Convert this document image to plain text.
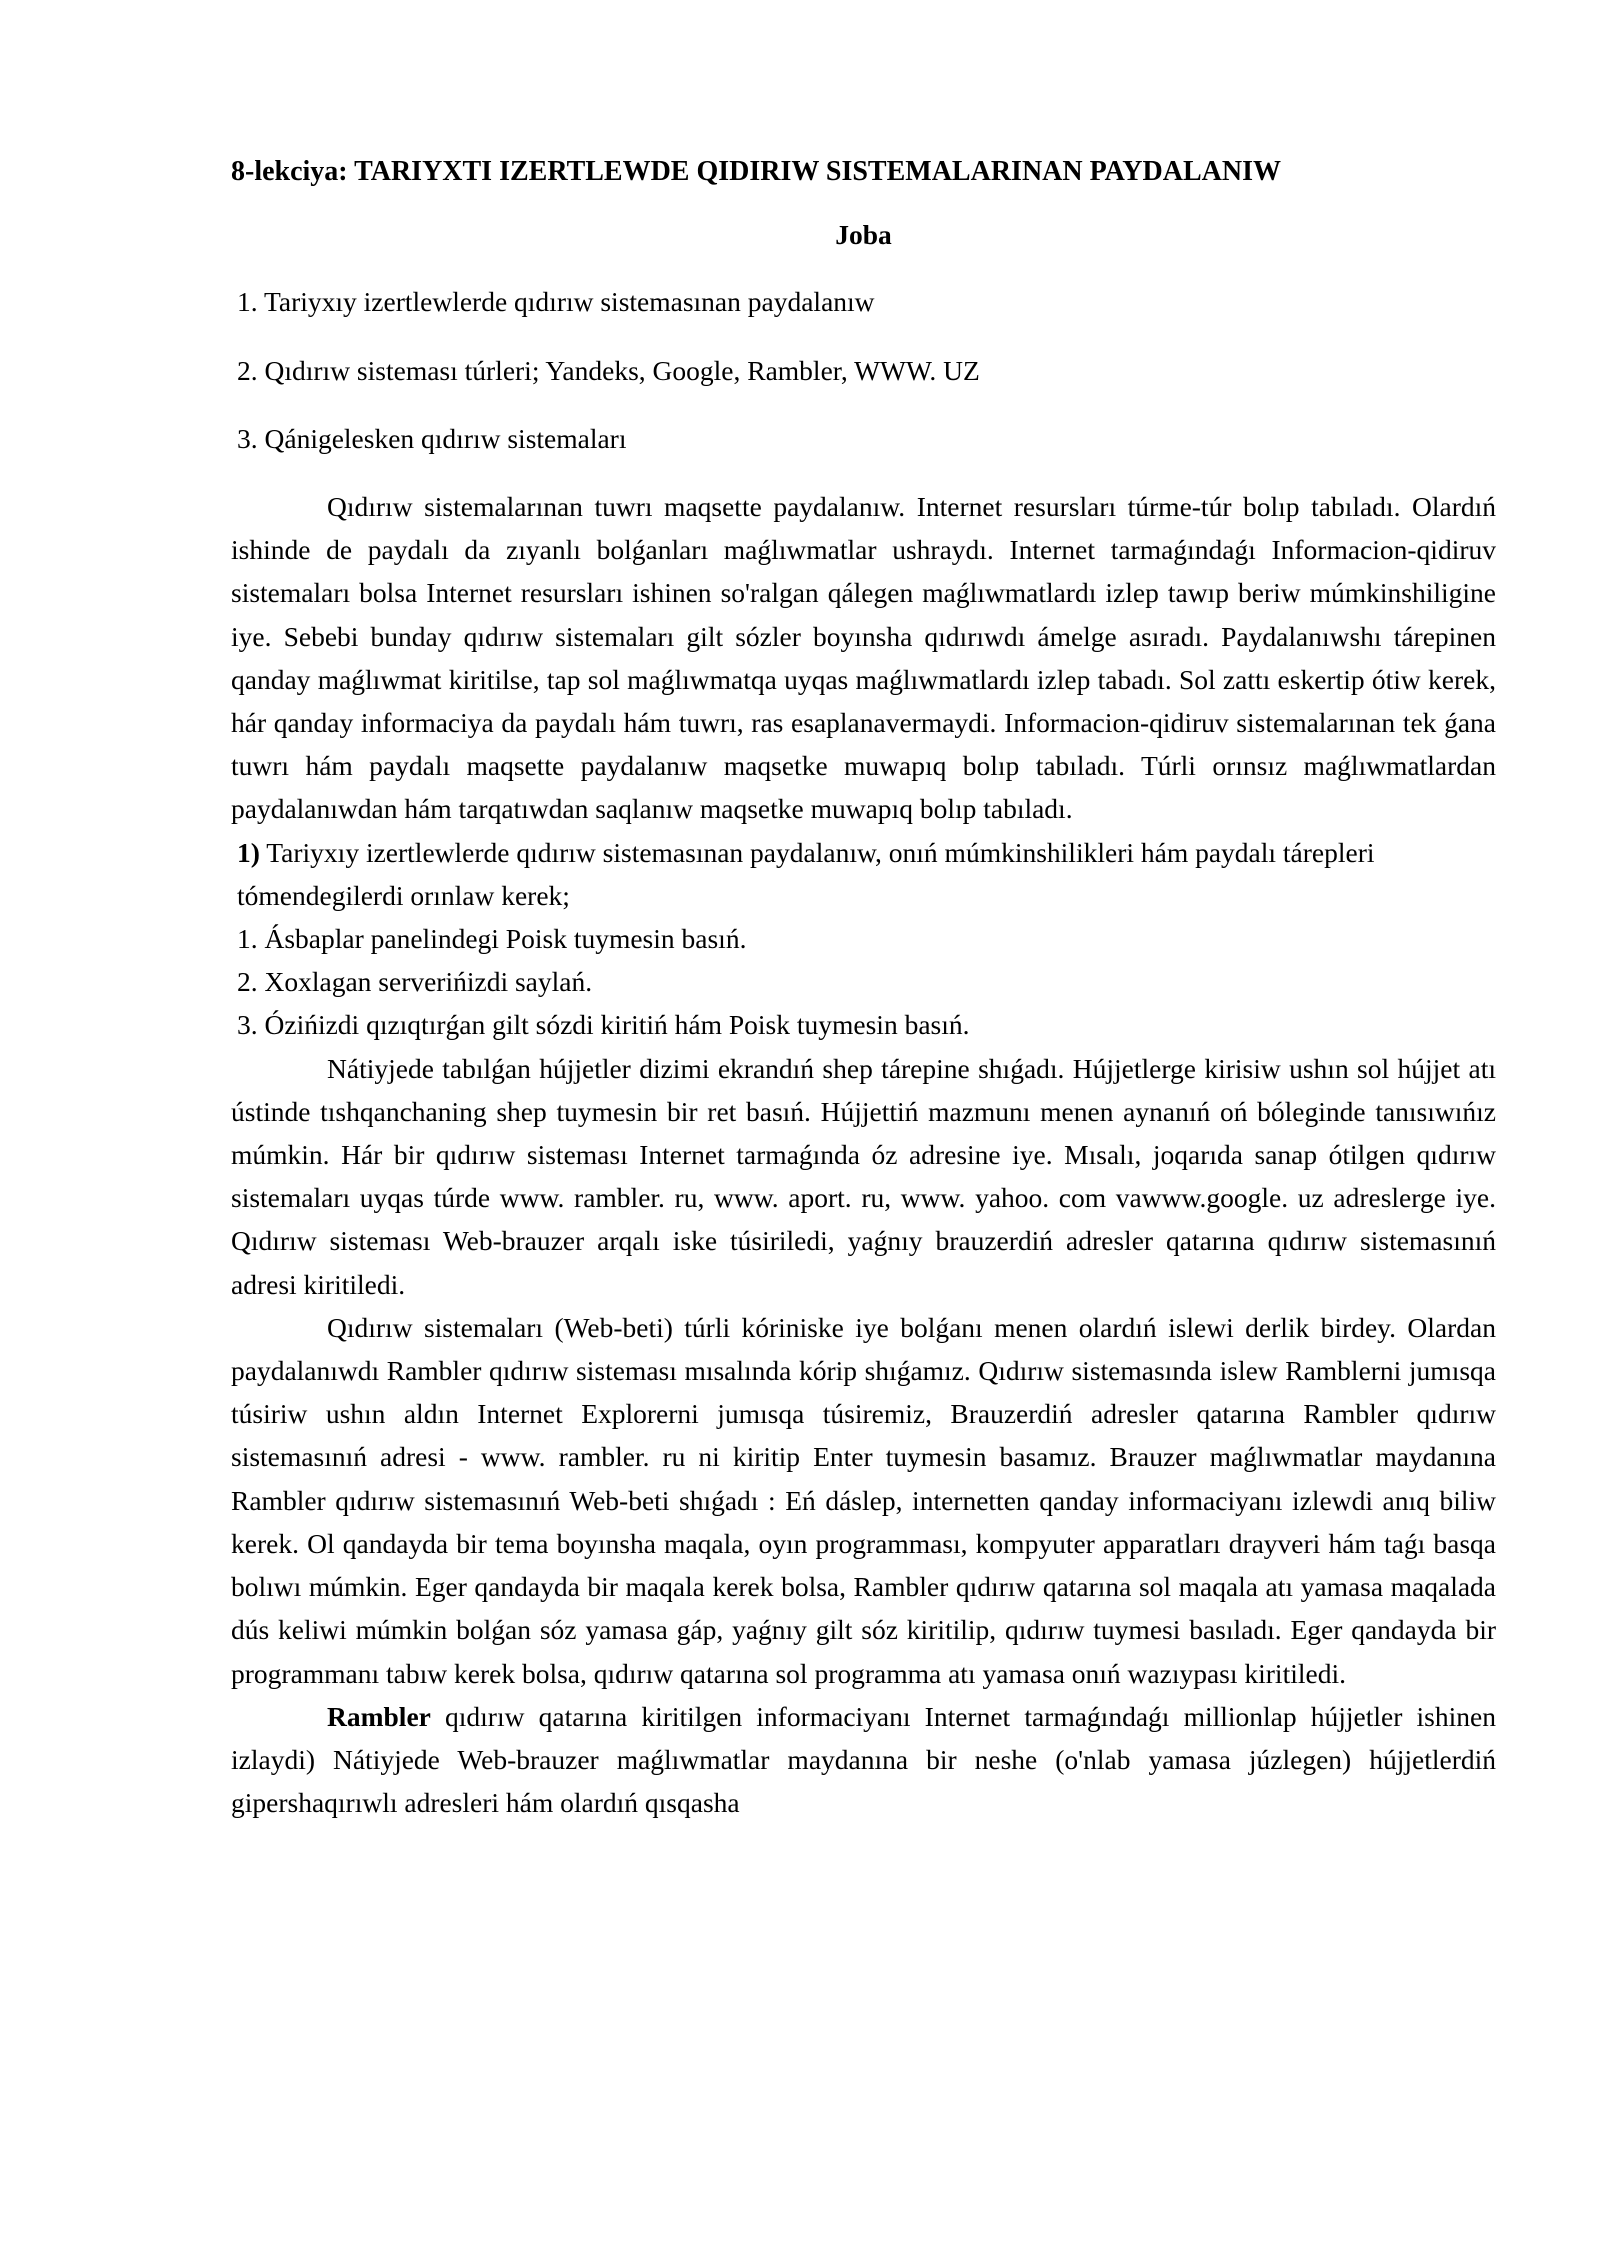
8-lekciya: TARIYXTI IZERTLEWDE QIDIRIW SISTEMALARINAN PAYDALANIW

Joba

1. Tariyxıy izertlewlerde qıdırıw sistemasınan paydalanıw

2. Qıdırıw sisteması túrleri; Yandeks, Google, Rambler, WWW. UZ

3. Qánigelesken qıdırıw sistemaları

Qıdırıw sistemalarınan tuwrı maqsette paydalanıw. Internet resursları túrme-túr bolıp tabıladı. Olardıń ishinde de paydalı da zıyanlı bolǵanları maǵlıwmatlar ushraydı. Internet tarmaǵındaǵı Informacion-qidiruv sistemaları bolsa Internet resursları ishinen so'ralgan qálegen maǵlıwmatlardı izlep tawıp beriw múmkinshiligine iye. Sebebi bunday qıdırıw sistemaları gilt sózler boyınsha qıdırıwdı ámelge asıradı. Paydalanıwshı tárepinen qanday maǵlıwmat kiritilse, tap sol maǵlıwmatqa uyqas maǵlıwmatlardı izlep tabadı. Sol zattı eskertip ótiw kerek, hár qanday informaciya da paydalı hám tuwrı, ras esaplanavermaydi. Informacion-qidiruv sistemalarınan tek ǵana tuwrı hám paydalı maqsette paydalanıw maqsetke muwapıq bolıp tabıladı. Túrli orınsız maǵlıwmatlardan paydalanıwdan hám tarqatıwdan saqlanıw maqsetke muwapıq bolıp tabıladı.

1) Tariyxıy izertlewlerde qıdırıw sistemasınan paydalanıw, onıń múmkinshilikleri hám paydalı tárepleri

tómendegilerdi orınlaw kerek;

1. Ásbaplar panelindegi Poisk tuymesin basıń.

2. Xoxlagan serverińizdi saylań.

3. Ózińizdi qızıqtırǵan gilt sózdi kiritiń hám Poisk tuymesin basıń.

Nátiyjede tabılǵan hújjetler dizimi ekrandıń shep tárepine shıǵadı. Hújjetlerge kirisiw ushın sol hújjet atı ústinde tıshqanchaning shep tuymesin bir ret basıń. Hújjettiń mazmunı menen aynanıń oń bóleginde tanısıwıńız múmkin. Hár bir qıdırıw sisteması Internet tarmaǵında óz adresine iye. Mısalı, joqarıda sanap ótilgen qıdırıw sistemaları uyqas túrde www. rambler. ru, www. aport. ru, www. yahoo. com vawww.google. uz adreslerge iye. Qıdırıw sisteması Web-brauzer arqalı iske túsiriledi, yaǵnıy brauzerdiń adresler qatarına qıdırıw sistemasınıń adresi kiritiledi.

Qıdırıw sistemaları (Web-beti) túrli kóriniske iye bolǵanı menen olardıń islewi derlik birdey. Olardan paydalanıwdı Rambler qıdırıw sisteması mısalında kórip shıǵamız. Qıdırıw sistemasında islew Ramblerni jumısqa túsiriw ushın aldın Internet Explorerni jumısqa túsiremiz, Brauzerdiń adresler qatarına Rambler qıdırıw sistemasınıń adresi - www. rambler. ru ni kiritip Enter tuymesin basamız. Brauzer maǵlıwmatlar maydanına Rambler qıdırıw sistemasınıń Web-beti shıǵadı : Eń dáslep, internetten qanday informaciyanı izlewdi anıq biliw kerek. Ol qandayda bir tema boyınsha maqala, oyın programması, kompyuter apparatları drayveri hám taǵı basqa bolıwı múmkin. Eger qandayda bir maqala kerek bolsa, Rambler qıdırıw qatarına sol maqala atı yamasa maqalada dús keliwi múmkin bolǵan sóz yamasa gáp, yaǵnıy gilt sóz kiritilip, qıdırıw tuymesi basıladı. Eger qandayda bir programmanı tabıw kerek bolsa, qıdırıw qatarına sol programma atı yamasa onıń wazıypası kiritiledi.

Rambler qıdırıw qatarına kiritilgen informaciyanı Internet tarmaǵındaǵı millionlap hújjetler ishinen izlaydi) Nátiyjede Web-brauzer maǵlıwmatlar maydanına bir neshe (o'nlab yamasa júzlegen) hújjetlerdiń gipershaqırıwlı adresleri hám olardıń qısqasha
